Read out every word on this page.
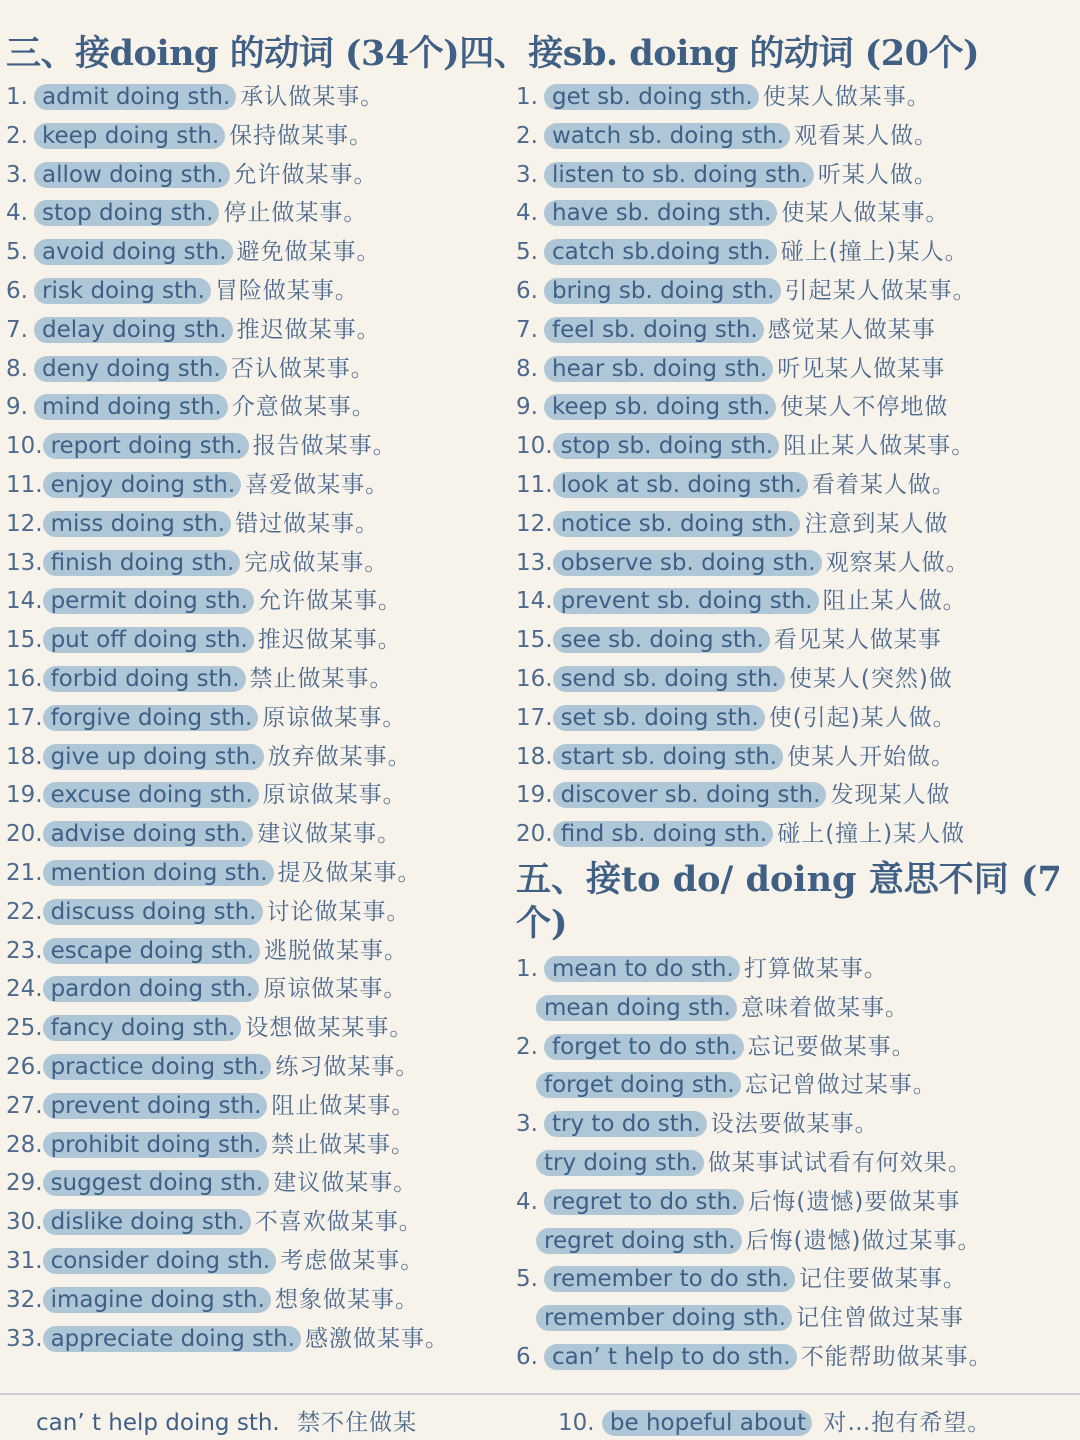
三、接doing 的动词 (34个)四、接sb. doing 的动词 (20个)
1. admit doing sth. 承认做某事。
2. keep doing sth. 保持做某事。
3. allow doing sth. 允许做某事。
4. stop doing sth. 停止做某事。
5. avoid doing sth. 避免做某事。
6. risk doing sth. 冒险做某事。
7. delay doing sth. 推迟做某事。
8. deny doing sth. 否认做某事。
9. mind doing sth. 介意做某事。
10. report doing sth. 报告做某事。
11. enjoy doing sth. 喜爱做某事。
12. miss doing sth. 错过做某事。
13. finish doing sth. 完成做某事。
14. permit doing sth. 允许做某事。
15. put off doing sth. 推迟做某事。
16. forbid doing sth. 禁止做某事。
17. forgive doing sth. 原谅做某事。
18. give up doing sth. 放弃做某事。
19. excuse doing sth. 原谅做某事。
20. advise doing sth. 建议做某事。
21. mention doing sth. 提及做某事。
22. discuss doing sth. 讨论做某事。
23. escape doing sth. 逃脱做某事。
24. pardon doing sth. 原谅做某事。
25. fancy doing sth. 设想做某某事。
26. practice doing sth. 练习做某事。
27. prevent doing sth. 阻止做某事。
28. prohibit doing sth. 禁止做某事。
29. suggest doing sth. 建议做某事。
30. dislike doing sth. 不喜欢做某事。
31. consider doing sth. 考虑做某事。
32. imagine doing sth. 想象做某事。
33. appreciate doing sth. 感激做某事。
1. get sb. doing sth. 使某人做某事。
2. watch sb. doing sth. 观看某人做。
3. listen to sb. doing sth. 听某人做。
4. have sb. doing sth. 使某人做某事。
5. catch sb.doing sth. 碰上(撞上)某人。
6. bring sb. doing sth. 引起某人做某事。
7. feel sb. doing sth. 感觉某人做某事
8. hear sb. doing sth. 听见某人做某事
9. keep sb. doing sth. 使某人不停地做
10. stop sb. doing sth. 阻止某人做某事。
11. look at sb. doing sth. 看着某人做。
12. notice sb. doing sth. 注意到某人做
13. observe sb. doing sth. 观察某人做。
14. prevent sb. doing sth. 阻止某人做。
15. see sb. doing sth. 看见某人做某事
16. send sb. doing sth. 使某人(突然)做
17. set sb. doing sth. 使(引起)某人做。
18. start sb. doing sth. 使某人开始做。
19. discover sb. doing sth. 发现某人做
20. find sb. doing sth. 碰上(撞上)某人做
五、接to do/ doing 意思不同 (7
个)
1. mean to do sth. 打算做某事。
mean doing sth. 意味着做某事。
2. forget to do sth. 忘记要做某事。
forget doing sth. 忘记曾做过某事。
3. try to do sth. 设法要做某事。
try doing sth. 做某事试试看有何效果。
4. regret to do sth. 后悔(遗憾)要做某事
regret doing sth. 后悔(遗憾)做过某事。
5. remember to do sth. 记住要做某事。
remember doing sth. 记住曾做过某事
6. can’ t help to do sth. 不能帮助做某事。
can’ t help doing sth. 禁不住做某	10. be hopeful about 对…抱有希望。
